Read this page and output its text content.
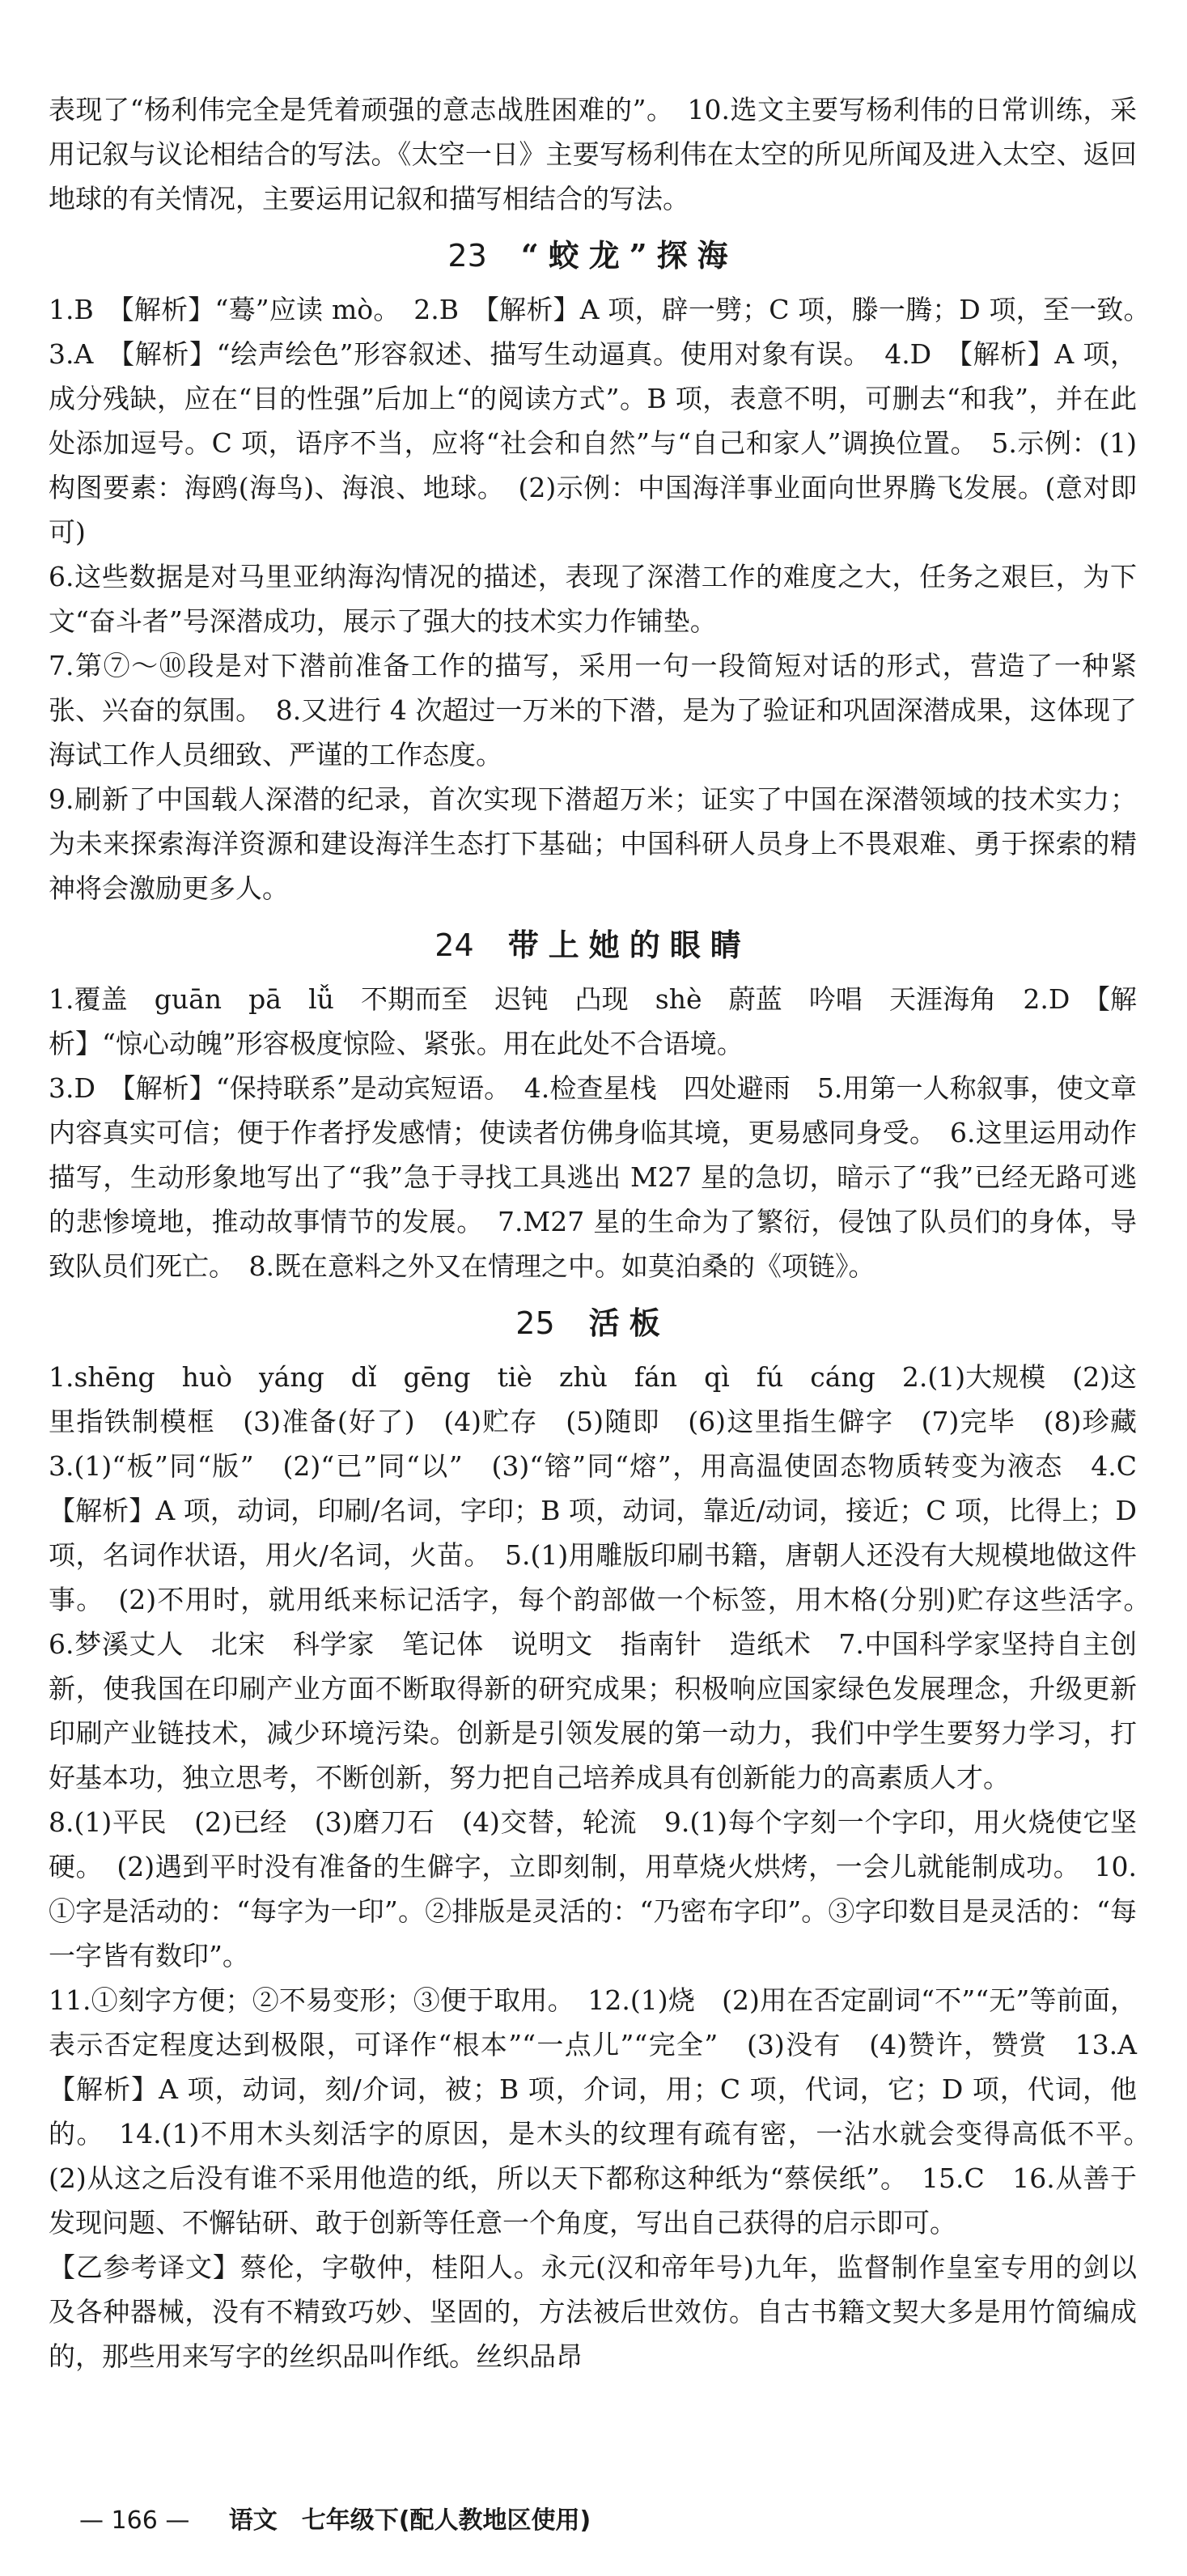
表现了“杨利伟完全是凭着顽强的意志战胜困难的”。　10.选文主要写杨利伟的日常训练，采用记叙与议论相结合的写法。《太空一日》主要写杨利伟在太空的所见所闻及进入太空、返回地球的有关情况，主要运用记叙和描写相结合的写法。

23 “蛟龙”探海

1.B　【解析】“蓦”应读 mò。　2.B　【解析】A 项，辟一劈；C 项，滕一腾；D 项，至一致。　3.A　【解析】“绘声绘色”形容叙述、描写生动逼真。使用对象有误。　4.D　【解析】A 项，成分残缺，应在“目的性强”后加上“的阅读方式”。B 项，表意不明，可删去“和我”，并在此处添加逗号。C 项，语序不当，应将“社会和自然”与“自己和家人”调换位置。　5.示例：(1)构图要素：海鸥(海鸟)、海浪、地球。　(2)示例：中国海洋事业面向世界腾飞发展。(意对即可)

6.这些数据是对马里亚纳海沟情况的描述，表现了深潜工作的难度之大，任务之艰巨，为下文“奋斗者”号深潜成功，展示了强大的技术实力作铺垫。

7.第⑦～⑩段是对下潜前准备工作的描写，采用一句一段简短对话的形式，营造了一种紧张、兴奋的氛围。　8.又进行 4 次超过一万米的下潜，是为了验证和巩固深潜成果，这体现了海试工作人员细致、严谨的工作态度。

9.刷新了中国载人深潜的纪录，首次实现下潜超万米；证实了中国在深潜领域的技术实力；为未来探索海洋资源和建设海洋生态打下基础；中国科研人员身上不畏艰难、勇于探索的精神将会激励更多人。

24 带上她的眼睛

1.覆盖　guān　pā　lǚ　不期而至　迟钝　凸现　shè　蔚蓝　吟唱　天涯海角　2.D　【解析】“惊心动魄”形容极度惊险、紧张。用在此处不合语境。

3.D　【解析】“保持联系”是动宾短语。　4.检查星栈　四处避雨　5.用第一人称叙事，使文章内容真实可信；便于作者抒发感情；使读者仿佛身临其境，更易感同身受。　6.这里运用动作描写，生动形象地写出了“我”急于寻找工具逃出 M27 星的急切，暗示了“我”已经无路可逃的悲惨境地，推动故事情节的发展。　7.M27 星的生命为了繁衍，侵蚀了队员们的身体，导致队员们死亡。　8.既在意料之外又在情理之中。如莫泊桑的《项链》。

25 活板

1.shēng　huò　yáng　dǐ　gēng　tiè　zhù　fán　qì　fú　cáng　2.(1)大规模　(2)这里指铁制模框　(3)准备(好了)　(4)贮存　(5)随即　(6)这里指生僻字　(7)完毕　(8)珍藏　3.(1)“板”同“版”　(2)“已”同“以”　(3)“镕”同“熔”，用高温使固态物质转变为液态　4.C　【解析】A 项，动词，印刷/名词，字印；B 项，动词，靠近/动词，接近；C 项，比得上；D 项，名词作状语，用火/名词，火苗。　5.(1)用雕版印刷书籍，唐朝人还没有大规模地做这件事。　(2)不用时，就用纸来标记活字，每个韵部做一个标签，用木格(分别)贮存这些活字。　6.梦溪丈人　北宋　科学家　笔记体　说明文　指南针　造纸术　7.中国科学家坚持自主创新，使我国在印刷产业方面不断取得新的研究成果；积极响应国家绿色发展理念，升级更新印刷产业链技术，减少环境污染。创新是引领发展的第一动力，我们中学生要努力学习，打好基本功，独立思考，不断创新，努力把自己培养成具有创新能力的高素质人才。

8.(1)平民　(2)已经　(3)磨刀石　(4)交替，轮流　9.(1)每个字刻一个字印，用火烧使它坚硬。　(2)遇到平时没有准备的生僻字，立即刻制，用草烧火烘烤，一会儿就能制成功。　10.①字是活动的：“每字为一印”。②排版是灵活的：“乃密布字印”。③字印数目是灵活的：“每一字皆有数印”。

11.①刻字方便；②不易变形；③便于取用。　12.(1)烧　(2)用在否定副词“不”“无”等前面，表示否定程度达到极限，可译作“根本”“一点儿”“完全”　(3)没有　(4)赞许，赞赏　13.A　【解析】A 项，动词，刻/介词，被；B 项，介词，用；C 项，代词，它；D 项，代词，他的。　14.(1)不用木头刻活字的原因，是木头的纹理有疏有密，一沾水就会变得高低不平。　(2)从这之后没有谁不采用他造的纸，所以天下都称这种纸为“蔡侯纸”。　15.C　16.从善于发现问题、不懈钻研、敢于创新等任意一个角度，写出自己获得的启示即可。

【乙参考译文】蔡伦，字敬仲，桂阳人。永元(汉和帝年号)九年，监督制作皇室专用的剑以及各种器械，没有不精致巧妙、坚固的，方法被后世效仿。自古书籍文契大多是用竹简编成的，那些用来写字的丝织品叫作纸。丝织品昂

— 166 — 语文　七年级下(配人教地区使用)
